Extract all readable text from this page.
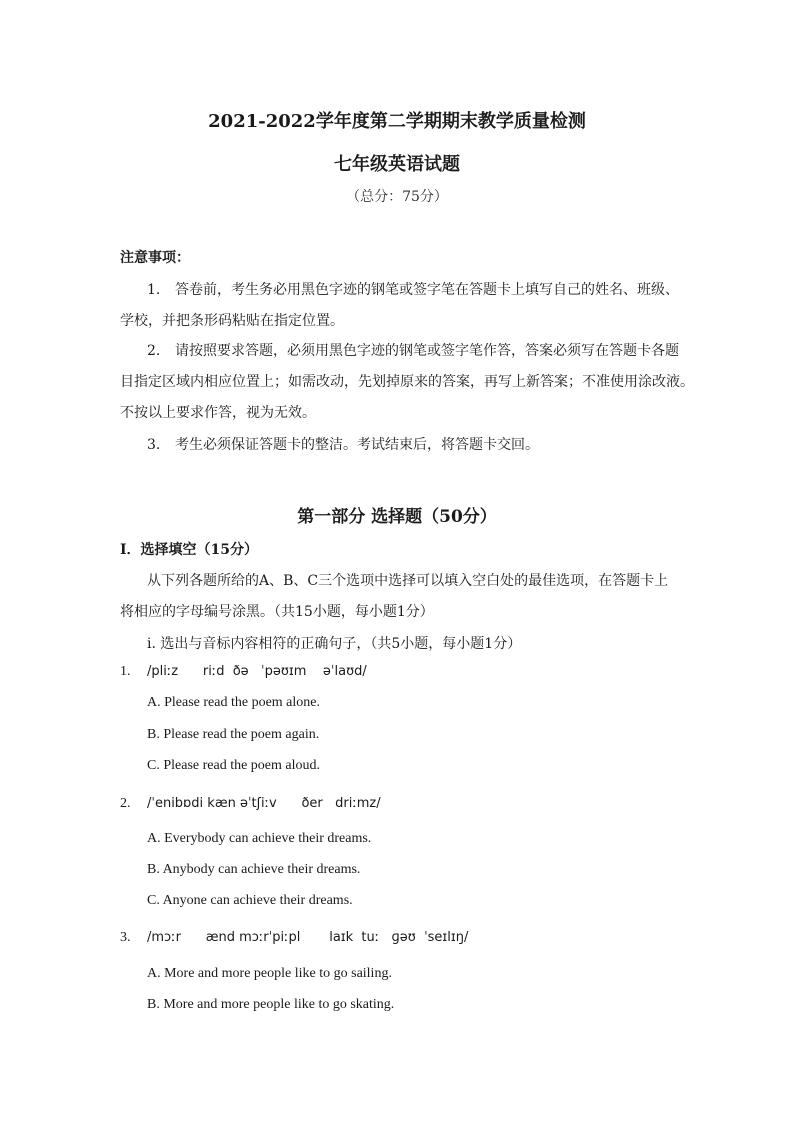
2021-2022学年度第二学期期末教学质量检测
七年级英语试题
（总分：75分）
注意事项：
1. 答卷前，考生务必用黑色字迹的钢笔或签字笔在答题卡上填写自己的姓名、班级、
学校，并把条形码粘贴在指定位置。
2. 请按照要求答题，必须用黑色字迹的钢笔或签字笔作答，答案必须写在答题卡各题
目指定区域内相应位置上；如需改动，先划掉原来的答案，再写上新答案；不准使用涂改液。
不按以上要求作答，视为无效。
3. 考生必须保证答题卡的整洁。考试结束后，将答题卡交回。
第一部分 选择题（50分）
I．选择填空（15分）
从下列各题所给的A、B、C三个选项中选择可以填入空白处的最佳选项，在答题卡上
将相应的字母编号涂黑。（共15小题，每小题1分）
i. 选出与音标内容相符的正确句子，（共5小题，每小题1分）
1. /pliːz      riːd  ðə   ˈpəʊɪm    əˈlaʊd/
A. Please read the poem alone.
B. Please read the poem again.
C. Please read the poem aloud.
2. /ˈenibɒdi kæn əˈtʃiːv      ðer   driːmz/
A. Everybody can achieve their dreams.
B. Anybody can achieve their dreams.
C. Anyone can achieve their dreams.
3. /mɔːr      ænd mɔːrˈpiːpl       laɪk  tuː   ɡəʊ  ˈseɪlɪŋ/
A. More and more people like to go sailing.
B. More and more people like to go skating.
